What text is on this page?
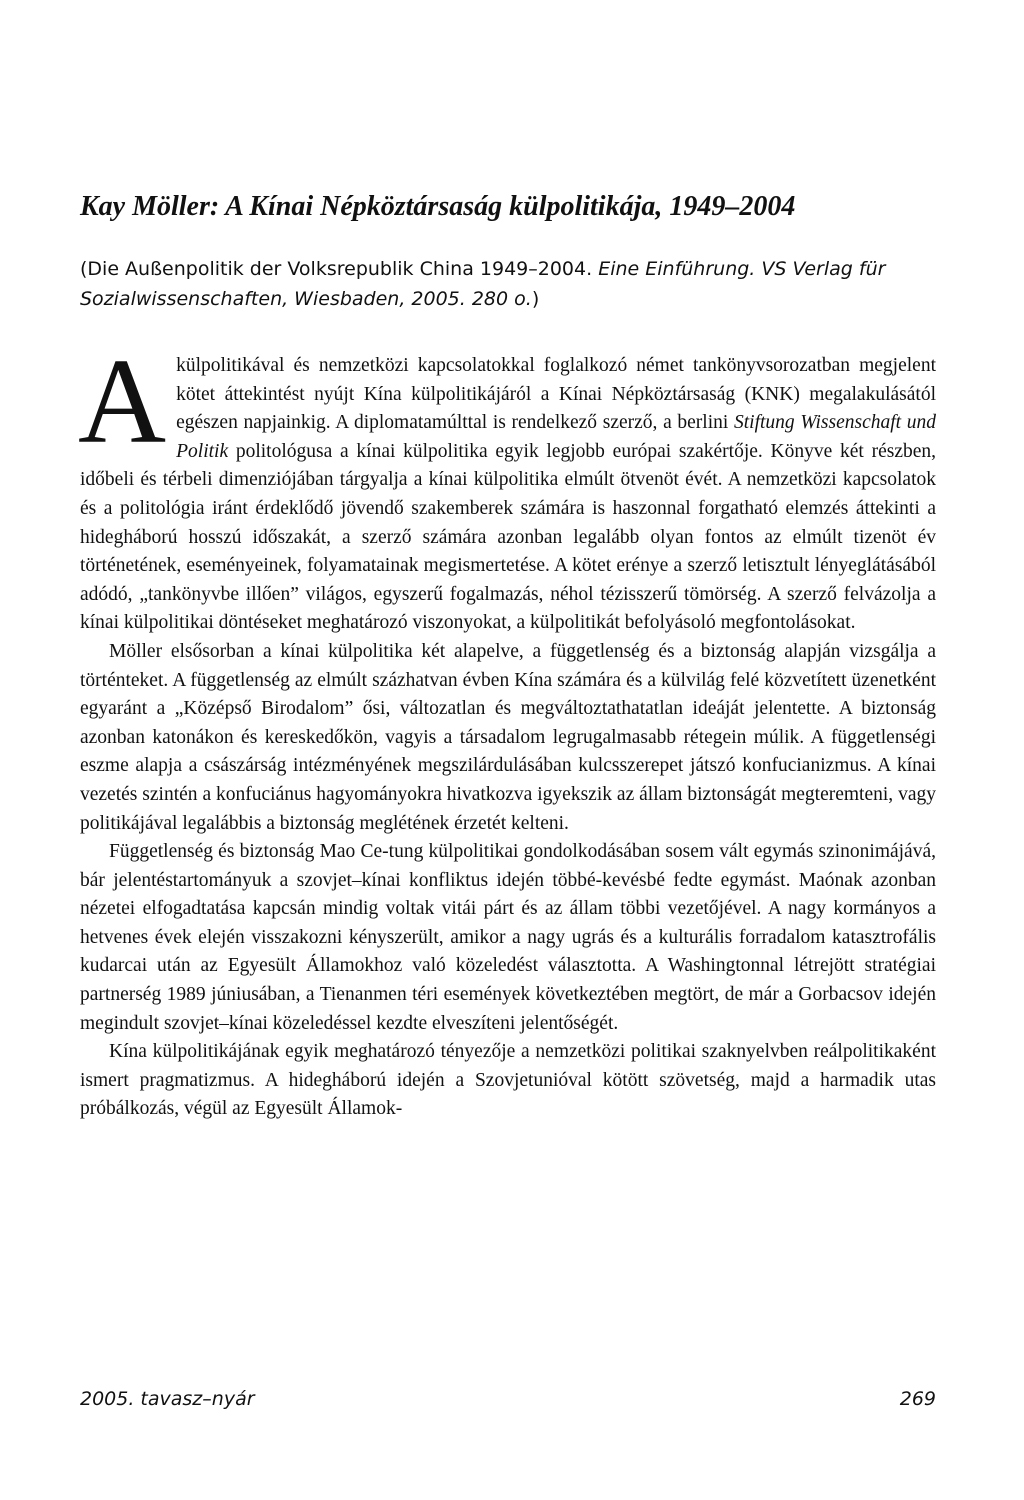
Kay Möller: A Kínai Népköztársaság külpolitikája, 1949–2004

(Die Außenpolitik der Volksrepublik China 1949–2004. Eine Einführung. VS Verlag für Sozialwissenschaften, Wiesbaden, 2005. 280 o.)

A külpolitikával és nemzetközi kapcsolatokkal foglalkozó német tankönyvsorozatban megjelent kötet áttekintést nyújt Kína külpolitikájáról a Kínai Népköztársaság (KNK) megalakulásától egészen napjainkig. A diplomatamúlttal is rendelkező szerző, a berlini Stiftung Wissenschaft und Politik politológusa a kínai külpolitika egyik legjobb európai szakértője. Könyve két részben, időbeli és térbeli dimenziójában tárgyalja a kínai külpolitika elmúlt ötvenöt évét. A nemzetközi kapcsolatok és a politológia iránt érdeklődő jövendő szakemberek számára is haszonnal forgatható elemzés áttekinti a hidegháború hosszú időszakát, a szerző számára azonban legalább olyan fontos az elmúlt tizenöt év történetének, eseményeinek, folyamatainak megismertetése. A kötet erénye a szerző letisztult lényeglátásából adódó, „tankönyvbe illően” világos, egyszerű fogalmazás, néhol tézisszerű tömörség. A szerző felvázolja a kínai külpolitikai döntéseket meghatározó viszonyokat, a külpolitikát befolyásoló megfontolásokat.

Möller elsősorban a kínai külpolitika két alapelve, a függetlenség és a biztonság alapján vizsgálja a történteket. A függetlenség az elmúlt százhatvan évben Kína számára és a külvilág felé közvetített üzenetként egyaránt a „Középső Birodalom” ősi, változatlan és megváltoztathatatlan ideáját jelentette. A biztonság azonban katonákon és kereskedőkön, vagyis a társadalom legrugalmasabb rétegein múlik. A függetlenségi eszme alapja a császárság intézményének megszilárdulásában kulcsszerepet játszó konfucianizmus. A kínai vezetés szintén a konfuciánus hagyományokra hivatkozva igyekszik az állam biztonságát megteremteni, vagy politikájával legalábbis a biztonság meglétének érzetét kelteni.

Függetlenség és biztonság Mao Ce-tung külpolitikai gondolkodásában sosem vált egymás szinonimájává, bár jelentéstartományuk a szovjet–kínai konfliktus idején többé-kevésbé fedte egymást. Maónak azonban nézetei elfogadtatása kapcsán mindig voltak vitái párt és az állam többi vezetőjével. A nagy kormányos a hetvenes évek elején visszakozni kényszerült, amikor a nagy ugrás és a kulturális forradalom katasztrofális kudarcai után az Egyesült Államokhoz való közeledést választotta. A Washingtonnal létrejött stratégiai partnerség 1989 júniusában, a Tienanmen téri események következtében megtört, de már a Gorbacsov idején megindult szovjet–kínai közeledéssel kezdte elveszíteni jelentőségét.

Kína külpolitikájának egyik meghatározó tényezője a nemzetközi politikai szaknyelvben reálpolitikaként ismert pragmatizmus. A hidegháború idején a Szovjetunióval kötött szövetség, majd a harmadik utas próbálkozás, végül az Egyesült Államok-

2005. tavasz–nyár	269
